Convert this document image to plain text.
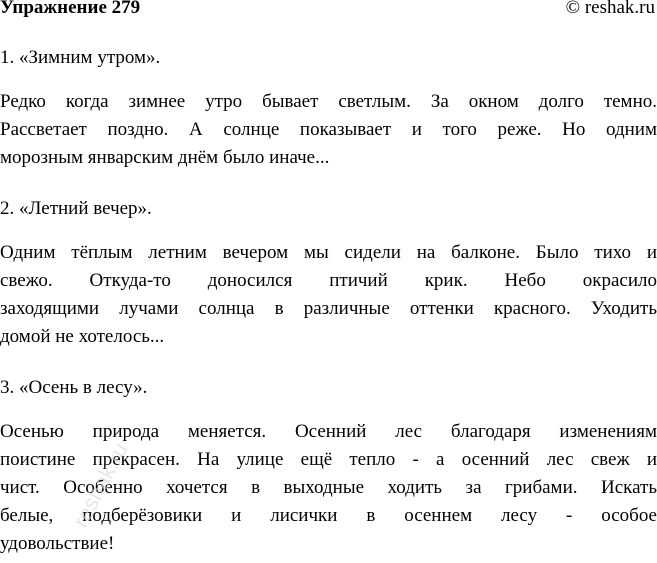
Упражнение 279	© reshak.ru
1. «Зимним утром».
Редко когда зимнее утро бывает светлым. За окном долго темно.
Рассветает поздно. А солнце показывает и того реже. Но одним
морозным январским днём было иначе...
2. «Летний вечер».
Одним тёплым летним вечером мы сидели на балконе. Было тихо и
свежо. Откуда-то доносился птичий крик. Небо окрасило
заходящими лучами солнца в различные оттенки красного. Уходить
домой не хотелось...
3. «Осень в лесу».
Осенью природа меняется. Осенний лес благодаря изменениям
поистине прекрасен. На улице ещё тепло - а осенний лес свеж и
чист. Особенно хочется в выходные ходить за грибами. Искать
белые, подберёзовики и лисички в осеннем лесу - особое
удовольствие!
reshak.ru
